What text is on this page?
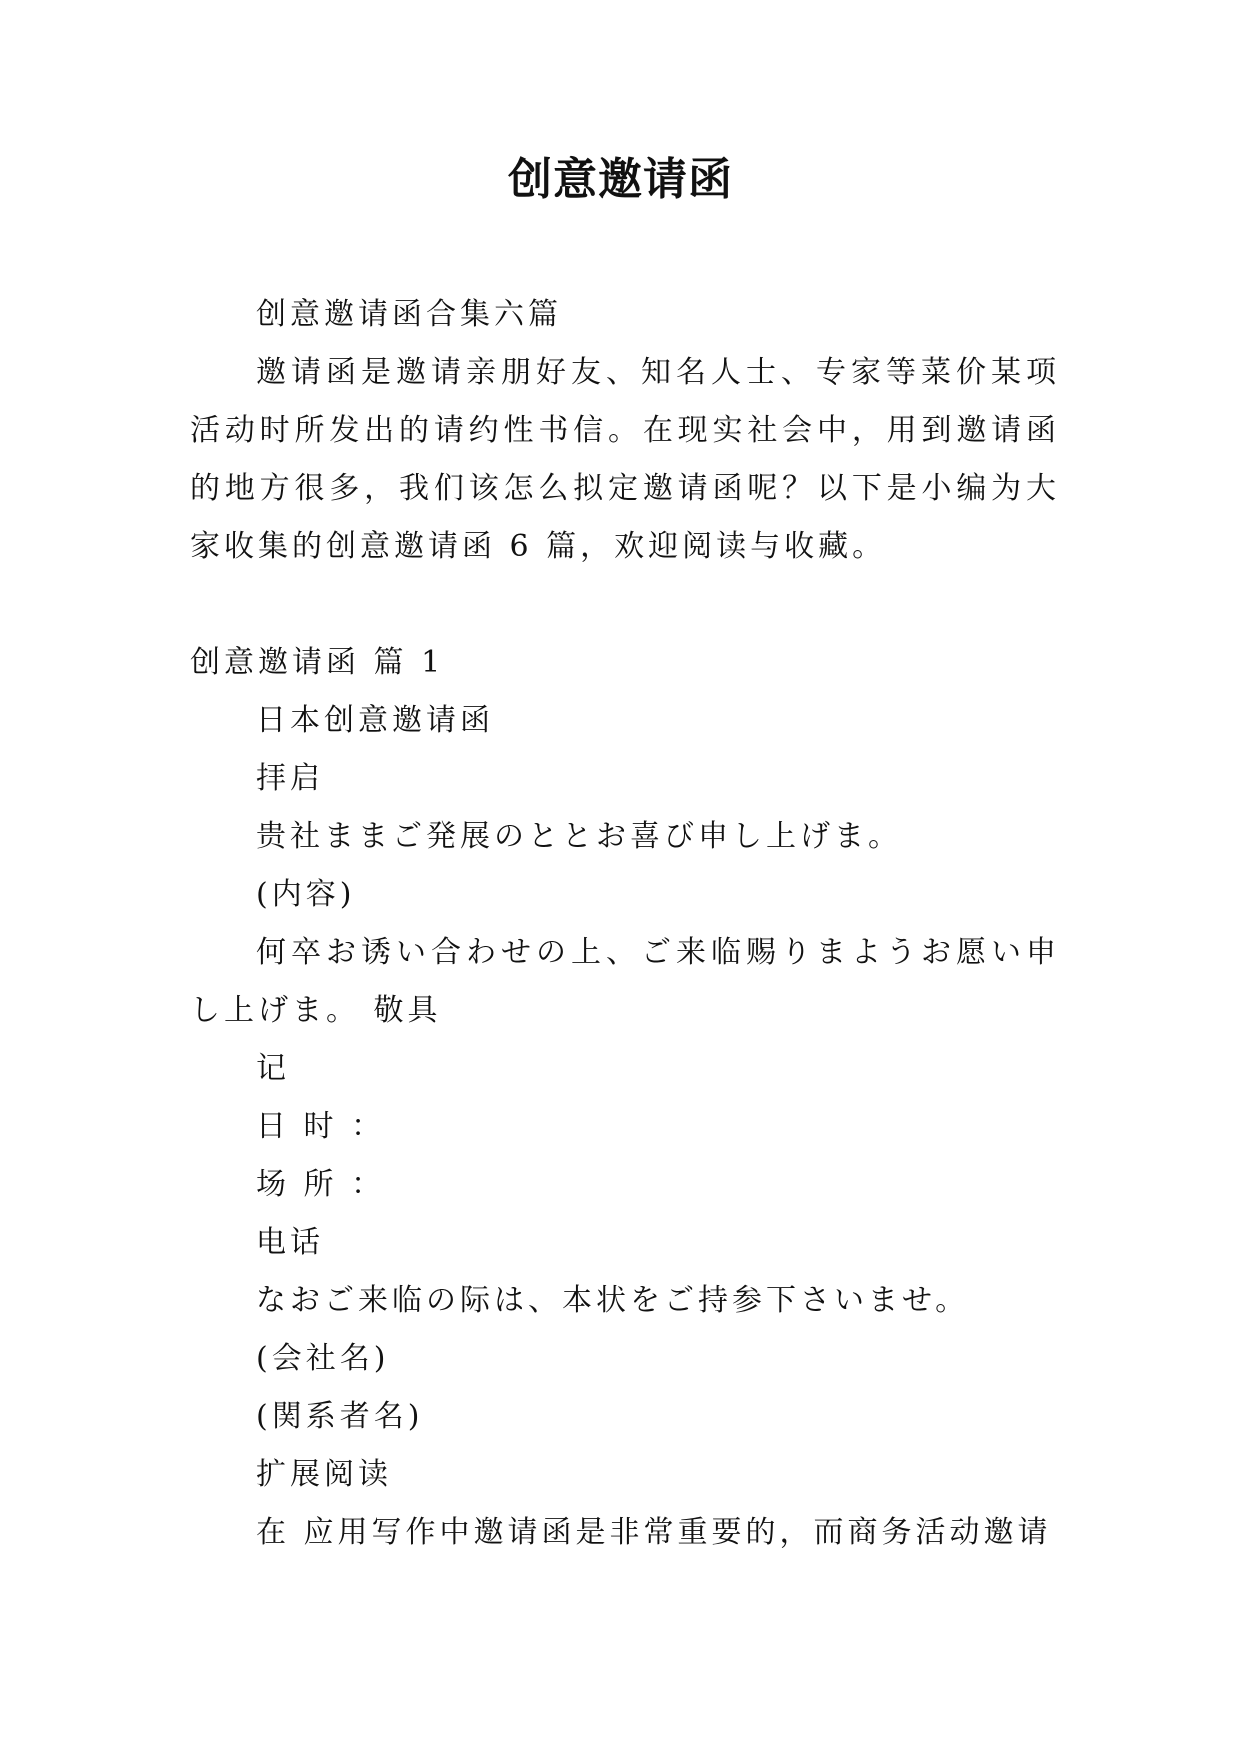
创意邀请函

创意邀请函合集六篇

邀请函是邀请亲朋好友、知名人士、专家等菜价某项活动时所发出的请约性书信。在现实社会中，用到邀请函的地方很多，我们该怎么拟定邀请函呢？以下是小编为大家收集的创意邀请函 6 篇，欢迎阅读与收藏。

创意邀请函 篇 1

日本创意邀请函

拝启

贵社ままご発展のととお喜び申し上げま。

(内容)

何卒お诱い合わせの上、ご来临赐りまようお愿い申し上げま。 敬具

记

日 时 ：

场 所 ：

电话

なおご来临の际は、本状をご持参下さいませ。

(会社名)

(関系者名)

扩展阅读

在 应用写作中邀请函是非常重要的，而商务活动邀请
